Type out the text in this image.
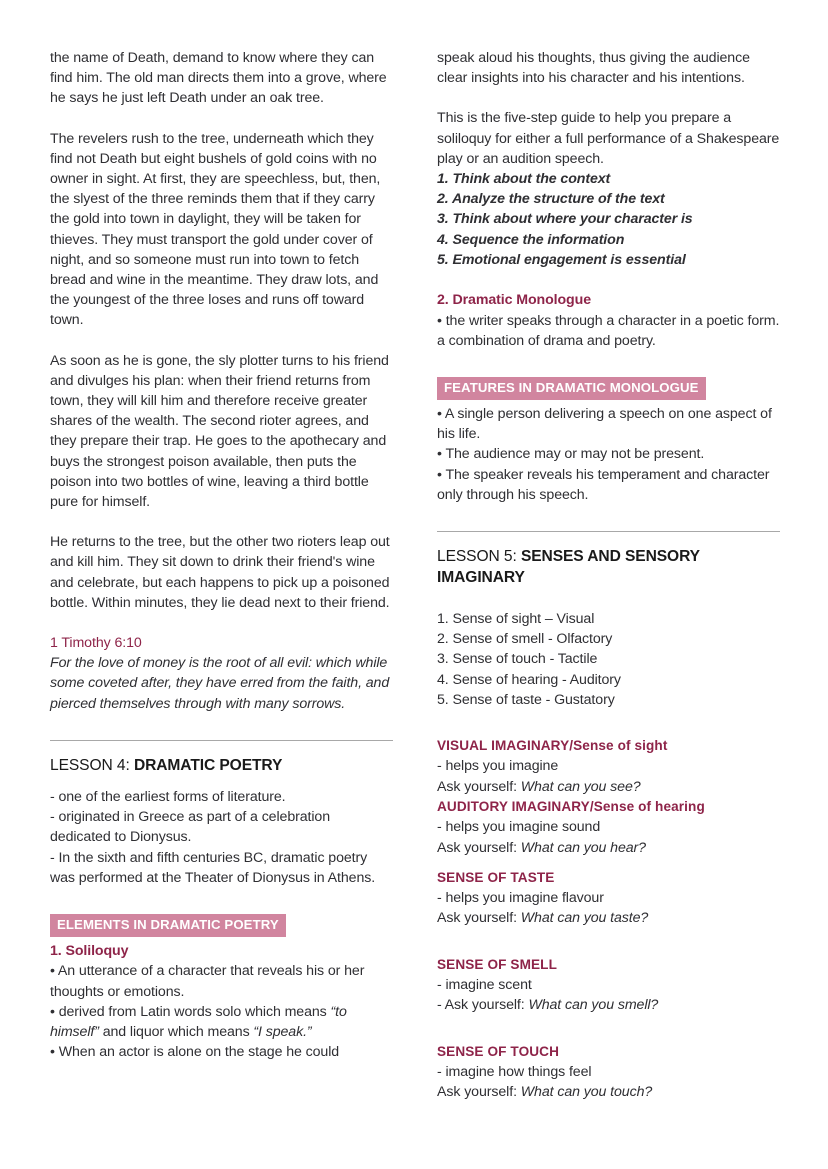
the name of Death, demand to know where they can find him. The old man directs them into a grove, where he says he just left Death under an oak tree.

The revelers rush to the tree, underneath which they find not Death but eight bushels of gold coins with no owner in sight. At first, they are speechless, but, then, the slyest of the three reminds them that if they carry the gold into town in daylight, they will be taken for thieves. They must transport the gold under cover of night, and so someone must run into town to fetch bread and wine in the meantime. They draw lots, and the youngest of the three loses and runs off toward town.

As soon as he is gone, the sly plotter turns to his friend and divulges his plan: when their friend returns from town, they will kill him and therefore receive greater shares of the wealth. The second rioter agrees, and they prepare their trap. He goes to the apothecary and buys the strongest poison available, then puts the poison into two bottles of wine, leaving a third bottle pure for himself.

He returns to the tree, but the other two rioters leap out and kill him. They sit down to drink their friend's wine and celebrate, but each happens to pick up a poisoned bottle. Within minutes, they lie dead next to their friend.

1 Timothy 6:10

For the love of money is the root of all evil: which while some coveted after, they have erred from the faith, and pierced themselves through with many sorrows.

LESSON 4: DRAMATIC POETRY

- one of the earliest forms of literature.

- originated in Greece as part of a celebration dedicated to Dionysus.

- In the sixth and fifth centuries BC, dramatic poetry was performed at the Theater of Dionysus in Athens.

ELEMENTS IN DRAMATIC POETRY

1. Soliloquy

• An utterance of a character that reveals his or her thoughts or emotions.

• derived from Latin words solo which means “to himself” and liquor which means “I speak.”

• When an actor is alone on the stage he could

speak aloud his thoughts, thus giving the audience clear insights into his character and his intentions.

This is the five-step guide to help you prepare a soliloquy for either a full performance of a Shakespeare play or an audition speech.

1. Think about the context

2. Analyze the structure of the text

3. Think about where your character is

4. Sequence the information

5. Emotional engagement is essential

2. Dramatic Monologue

• the writer speaks through a character in a poetic form.

a combination of drama and poetry.

FEATURES IN DRAMATIC MONOLOGUE

• A single person delivering a speech on one aspect of his life.

• The audience may or may not be present.

• The speaker reveals his temperament and character only through his speech.

LESSON 5: SENSES AND SENSORY IMAGINARY

1. Sense of sight – Visual

2. Sense of smell - Olfactory

3. Sense of touch - Tactile

4. Sense of hearing - Auditory

5. Sense of taste - Gustatory

VISUAL IMAGINARY/Sense of sight

- helps you imagine

Ask yourself: What can you see?

AUDITORY IMAGINARY/Sense of hearing

- helps you imagine sound

Ask yourself: What can you hear?

SENSE OF TASTE

- helps you imagine flavour

Ask yourself: What can you taste?

SENSE OF SMELL

- imagine scent

- Ask yourself: What can you smell?

SENSE OF TOUCH

- imagine how things feel

Ask yourself: What can you touch?
